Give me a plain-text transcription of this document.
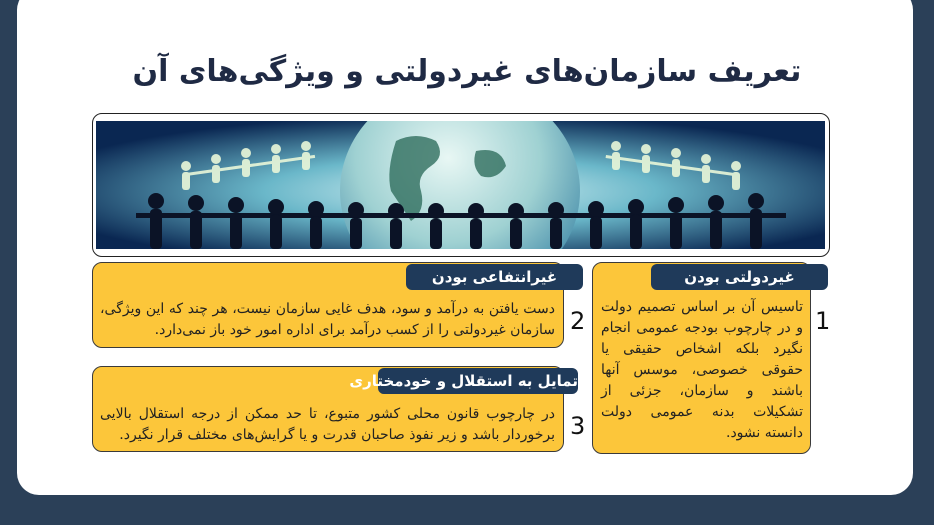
تعریف سازمان‌های غیردولتی و ویژگی‌های آن
غیردولتی بودن
تاسیس آن بر اساس تصمیم دولت و در چارچوب بودجه عمومی انجام نگیرد بلکه اشخاص حقیقی یا حقوقی خصوصی، موسس آنها باشند و سازمان، جزئی از تشکیلات بدنه عمومی دولت دانسته نشود.
1
غیرانتفاعی بودن
دست یافتن به درآمد و سود، هدف غایی سازمان نیست، هر چند که این ویژگی، سازمان غیردولتی را از کسب درآمد برای اداره امور خود باز نمی‌دارد. 2
تمایل به استقلال و خودمختاری
در چارچوب قانون محلی کشور متبوع، تا حد ممکن از درجه استقلال بالایی برخوردار باشد و زیر نفوذ صاحبان قدرت و یا گرایش‌های مختلف قرار نگیرد. 3
